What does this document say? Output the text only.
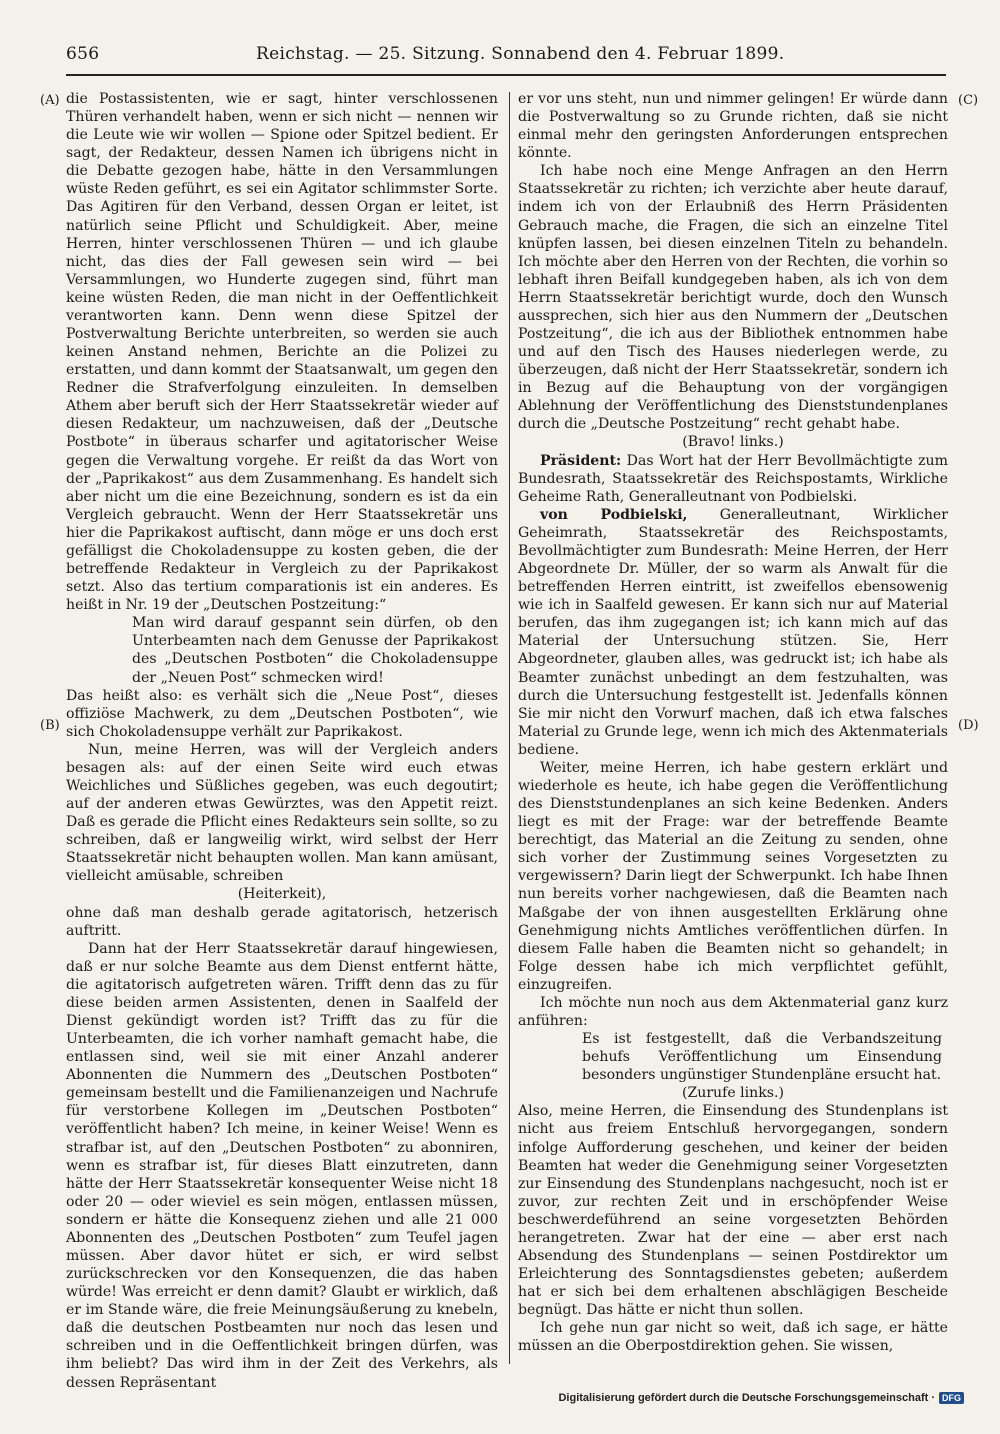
656	Reichstag. — 25. Sitzung. Sonnabend den 4. Februar 1899.
(A)
(B)
(C)
(D)

die Postassistenten, wie er sagt, hinter verschlossenen Thüren verhandelt haben, wenn er sich nicht — nennen wir die Leute wie wir wollen — Spione oder Spitzel bedient. Er sagt, der Redakteur, dessen Namen ich übrigens nicht in die Debatte gezogen habe, hätte in den Versammlungen wüste Reden geführt, es sei ein Agitator schlimmster Sorte. Das Agitiren für den Verband, dessen Organ er leitet, ist natürlich seine Pflicht und Schuldigkeit. Aber, meine Herren, hinter verschlossenen Thüren — und ich glaube nicht, das dies der Fall gewesen sein wird — bei Versammlungen, wo Hunderte zugegen sind, führt man keine wüsten Reden, die man nicht in der Oeffentlichkeit verantworten kann. Denn wenn diese Spitzel der Postverwaltung Berichte unterbreiten, so werden sie auch keinen Anstand nehmen, Berichte an die Polizei zu erstatten, und dann kommt der Staatsanwalt, um gegen den Redner die Strafverfolgung einzuleiten. In demselben Athem aber beruft sich der Herr Staatssekretär wieder auf diesen Redakteur, um nachzuweisen, daß der „Deutsche Postbote“ in überaus scharfer und agitatorischer Weise gegen die Verwaltung vorgehe. Er reißt da das Wort von der „Paprikakost“ aus dem Zusammenhang. Es handelt sich aber nicht um die eine Bezeichnung, sondern es ist da ein Vergleich gebraucht. Wenn der Herr Staatssekretär uns hier die Paprikakost auftischt, dann möge er uns doch erst gefälligst die Chokoladensuppe zu kosten geben, die der betreffende Redakteur in Vergleich zu der Paprikakost setzt. Also das tertium comparationis ist ein anderes. Es heißt in Nr. 19 der „Deutschen Postzeitung:“

Man wird darauf gespannt sein dürfen, ob den Unterbeamten nach dem Genusse der Paprikakost des „Deutschen Postboten“ die Chokoladensuppe der „Neuen Post“ schmecken wird!

Das heißt also: es verhält sich die „Neue Post“, dieses offiziöse Machwerk, zu dem „Deutschen Postboten“, wie sich Chokoladensuppe verhält zur Paprikakost.

Nun, meine Herren, was will der Vergleich anders besagen als: auf der einen Seite wird euch etwas Weichliches und Süßliches gegeben, was euch degoutirt; auf der anderen etwas Gewürztes, was den Appetit reizt. Daß es gerade die Pflicht eines Redakteurs sein sollte, so zu schreiben, daß er langweilig wirkt, wird selbst der Herr Staatssekretär nicht behaupten wollen. Man kann amüsant, vielleicht amüsable, schreiben

(Heiterkeit),

ohne daß man deshalb gerade agitatorisch, hetzerisch auftritt.

Dann hat der Herr Staatssekretär darauf hingewiesen, daß er nur solche Beamte aus dem Dienst entfernt hätte, die agitatorisch aufgetreten wären. Trifft denn das zu für diese beiden armen Assistenten, denen in Saalfeld der Dienst gekündigt worden ist? Trifft das zu für die Unterbeamten, die ich vorher namhaft gemacht habe, die entlassen sind, weil sie mit einer Anzahl anderer Abonnenten die Nummern des „Deutschen Postboten“ gemeinsam bestellt und die Familienanzeigen und Nachrufe für verstorbene Kollegen im „Deutschen Postboten“ veröffentlicht haben? Ich meine, in keiner Weise! Wenn es strafbar ist, auf den „Deutschen Postboten“ zu abonniren, wenn es strafbar ist, für dieses Blatt einzutreten, dann hätte der Herr Staatssekretär konsequenter Weise nicht 18 oder 20 — oder wieviel es sein mögen, entlassen müssen, sondern er hätte die Konsequenz ziehen und alle 21 000 Abonnenten des „Deutschen Postboten“ zum Teufel jagen müssen. Aber davor hütet er sich, er wird selbst zurückschrecken vor den Konsequenzen, die das haben würde! Was erreicht er denn damit? Glaubt er wirklich, daß er im Stande wäre, die freie Meinungsäußerung zu knebeln, daß die deutschen Postbeamten nur noch das lesen und schreiben und in die Oeffentlichkeit bringen dürfen, was ihm beliebt? Das wird ihm in der Zeit des Verkehrs, als dessen Repräsentant

er vor uns steht, nun und nimmer gelingen! Er würde dann die Postverwaltung so zu Grunde richten, daß sie nicht einmal mehr den geringsten Anforderungen entsprechen könnte.

Ich habe noch eine Menge Anfragen an den Herrn Staatssekretär zu richten; ich verzichte aber heute darauf, indem ich von der Erlaubniß des Herrn Präsidenten Gebrauch mache, die Fragen, die sich an einzelne Titel knüpfen lassen, bei diesen einzelnen Titeln zu behandeln. Ich möchte aber den Herren von der Rechten, die vorhin so lebhaft ihren Beifall kundgegeben haben, als ich von dem Herrn Staatssekretär berichtigt wurde, doch den Wunsch aussprechen, sich hier aus den Nummern der „Deutschen Postzeitung“, die ich aus der Bibliothek entnommen habe und auf den Tisch des Hauses niederlegen werde, zu überzeugen, daß nicht der Herr Staatssekretär, sondern ich in Bezug auf die Behauptung von der vorgängigen Ablehnung der Veröffentlichung des Dienststundenplanes durch die „Deutsche Postzeitung“ recht gehabt habe.

(Bravo! links.)

Präsident: Das Wort hat der Herr Bevollmächtigte zum Bundesrath, Staatssekretär des Reichspostamts, Wirkliche Geheime Rath, Generalleutnant von Podbielski.

von Podbielski, Generalleutnant, Wirklicher Geheimrath, Staatssekretär des Reichspostamts, Bevollmächtigter zum Bundesrath: Meine Herren, der Herr Abgeordnete Dr. Müller, der so warm als Anwalt für die betreffenden Herren eintritt, ist zweifellos ebensowenig wie ich in Saalfeld gewesen. Er kann sich nur auf Material berufen, das ihm zugegangen ist; ich kann mich auf das Material der Untersuchung stützen. Sie, Herr Abgeordneter, glauben alles, was gedruckt ist; ich habe als Beamter zunächst unbedingt an dem festzuhalten, was durch die Untersuchung festgestellt ist. Jedenfalls können Sie mir nicht den Vorwurf machen, daß ich etwa falsches Material zu Grunde lege, wenn ich mich des Aktenmaterials bediene.

Weiter, meine Herren, ich habe gestern erklärt und wiederhole es heute, ich habe gegen die Veröffentlichung des Dienststundenplanes an sich keine Bedenken. Anders liegt es mit der Frage: war der betreffende Beamte berechtigt, das Material an die Zeitung zu senden, ohne sich vorher der Zustimmung seines Vorgesetzten zu vergewissern? Darin liegt der Schwerpunkt. Ich habe Ihnen nun bereits vorher nachgewiesen, daß die Beamten nach Maßgabe der von ihnen ausgestellten Erklärung ohne Genehmigung nichts Amtliches veröffentlichen dürfen. In diesem Falle haben die Beamten nicht so gehandelt; in Folge dessen habe ich mich verpflichtet gefühlt, einzugreifen.

Ich möchte nun noch aus dem Aktenmaterial ganz kurz anführen:

Es ist festgestellt, daß die Verbandszeitung behufs Veröffentlichung um Einsendung besonders ungünstiger Stundenpläne ersucht hat.

(Zurufe links.)

Also, meine Herren, die Einsendung des Stundenplans ist nicht aus freiem Entschluß hervorgegangen, sondern infolge Aufforderung geschehen, und keiner der beiden Beamten hat weder die Genehmigung seiner Vorgesetzten zur Einsendung des Stundenplans nachgesucht, noch ist er zuvor, zur rechten Zeit und in erschöpfender Weise beschwerdeführend an seine vorgesetzten Behörden herangetreten. Zwar hat der eine — aber erst nach Absendung des Stundenplans — seinen Postdirektor um Erleichterung des Sonntagsdienstes gebeten; außerdem hat er sich bei dem erhaltenen abschlägigen Bescheide begnügt. Das hätte er nicht thun sollen.

Ich gehe nun gar nicht so weit, daß ich sage, er hätte müssen an die Oberpostdirektion gehen. Sie wissen,

Digitalisierung gefördert durch die Deutsche Forschungsgemeinschaft · DFG
